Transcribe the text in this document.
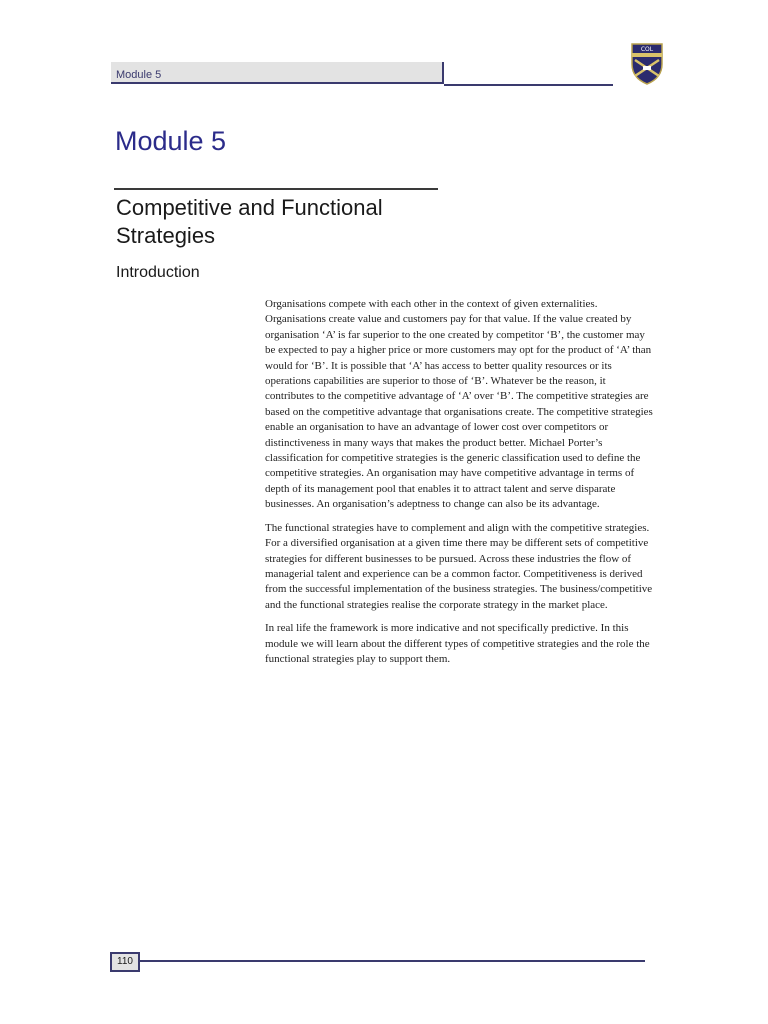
Module 5
COL
Module 5
Competitive and Functional Strategies
Introduction

Organisations compete with each other in the context of given externalities. Organisations create value and customers pay for that value. If the value created by organisation ‘A’ is far superior to the one created by competitor ‘B’, the customer may be expected to pay a higher price or more customers may opt for the product of ‘A’ than would for ‘B’. It is possible that ‘A’ has access to better quality resources or its operations capabilities are superior to those of ‘B’. Whatever be the reason, it contributes to the competitive advantage of ‘A’ over ‘B’. The competitive strategies are based on the competitive advantage that organisations create. The competitive strategies enable an organisation to have an advantage of lower cost over competitors or distinctiveness in many ways that makes the product better. Michael Porter’s classification for competitive strategies is the generic classification used to define the competitive strategies. An organisation may have competitive advantage in terms of depth of its management pool that enables it to attract talent and serve disparate businesses. An organisation’s adeptness to change can also be its advantage.

The functional strategies have to complement and align with the competitive strategies. For a diversified organisation at a given time there may be different sets of competitive strategies for different businesses to be pursued. Across these industries the flow of managerial talent and experience can be a common factor. Competitiveness is derived from the successful implementation of the business strategies. The business/competitive and the functional strategies realise the corporate strategy in the market place.

In real life the framework is more indicative and not specifically predictive. In this module we will learn about the different types of competitive strategies and the role the functional strategies play to support them.

110
